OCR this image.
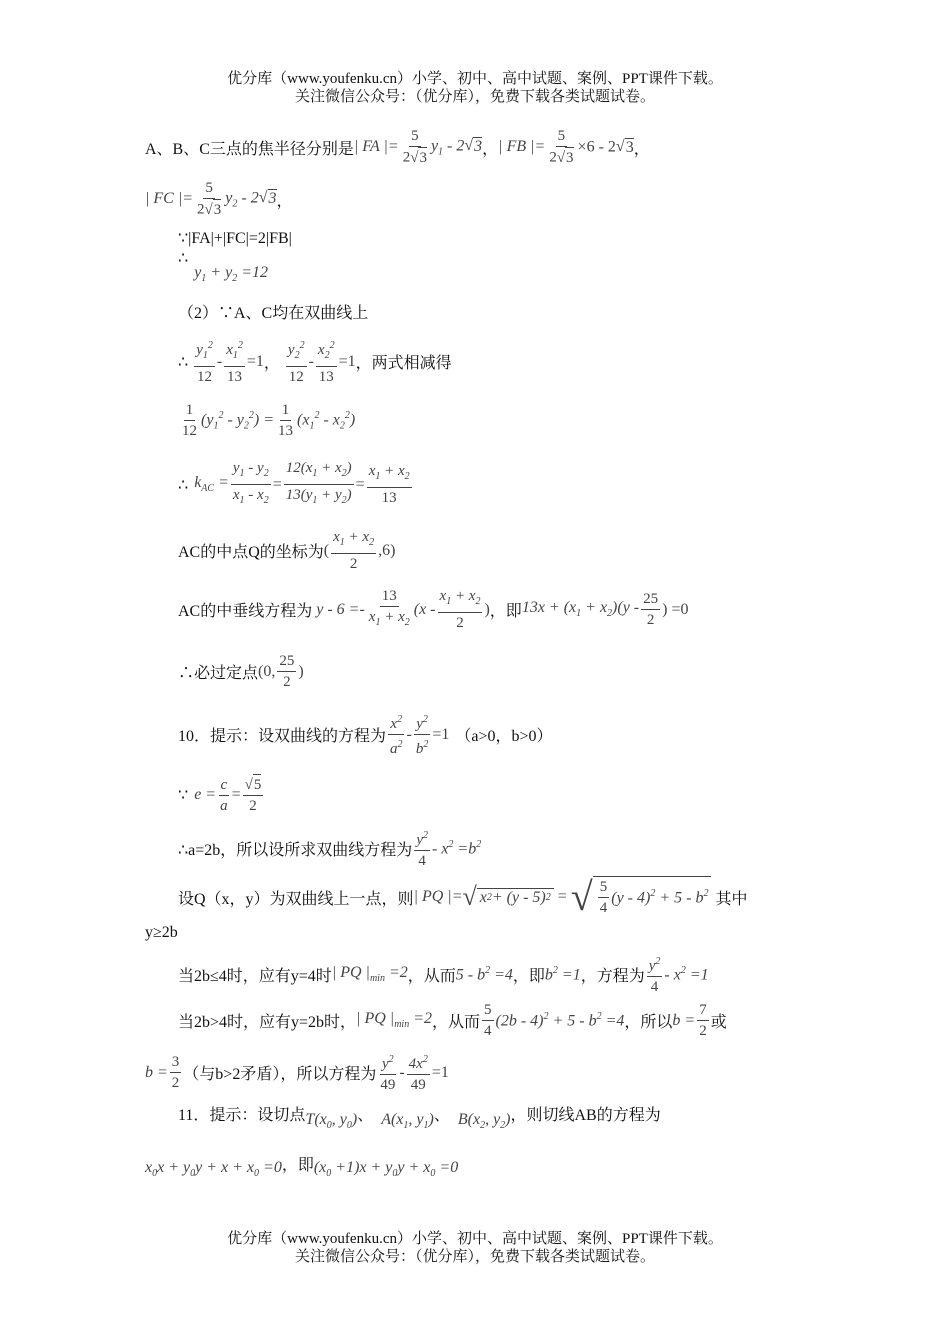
优分库（www.youfenku.cn）小学、初中、高中试题、案例、PPT课件下载。
关注微信公众号：（优分库），免费下载各类试题试卷。
A、B、C三点的焦半径分别是 | FA |= $\frac{5}{2√ 3} y_1 - 2√$ 3 ， | FB |= $\frac{5}{2√ 3} \times 6 - 2√$ 3 ，
| FC |= $\frac{5}{2√ 3} y_2 - 2√$ 3 ，
∵|FA|+|FC|=2|FB|
∴
$y_1 + y_2 =12$
（2）∵A、C均在双曲线上
∴ $\frac{y_1^2}{12} - \frac{x_1^2}{13} =1$ ， $\frac{y_2^2}{12} - \frac{x_2^2}{13} =1$ ，两式相减得
$\frac{1}{12} (y_1^2 - y_2^2) = \frac{1}{13} (x_1^2 - x_2^2)$
∴ $k_{AC} = \frac{y_1 - y_2}{x_1 - x_2} = \frac{12(x_1 + x_2)}{13(y_1 + y_2)} = \frac{x_1 + x_2}{13}$
AC的中点Q的坐标为 ( $\frac{x_1 + x_2}{2} ,6$)
AC的中垂线方程为 $y - 6 =- \frac{13}{x_1 + x_2} (x - \frac{x_1 + x_2}{2}$ ) ，即 $13x + (x_1 + x_2)(y - \frac{25}{2}$ ) =0
∴必过定点 (0, $\frac{25}{2}$ )
10．提示：设双曲线的方程为 $\frac{x^2}{a^2} - \frac{y^2}{b^2} =1$ （a>0，b>0）
∵ $e = \frac{c}{a} = \frac{√ 5}{2}$
∴a=2b，所以设所求双曲线方程为 $\frac{y^2}{4} - x^2 =b^2$
设Q（x，y）为双曲线上一点，则 | PQ |= √ x 2 + (y - 5) 2 = √ $\frac{5}{4} (y - 4)^2 + 5 - b^2$ 其中
y≥2b
当2b≤4时，应有y=4时 | PQ $|_{min} =2$ ，从而 $5 - b^2 =4$ ，即 $b^2 =1$ ，方程为 $\frac{y^2}{4} - x^2 =1$
当2b>4时，应有y=2b时， | PQ $|_{min} =2$ ，从而 $\frac{5}{4} (2b - 4)^2 + 5 - b^2 =4$ ，所以 $b = \frac{7}{2}$ 或
$b = \frac{3}{2}$ （与b>2矛盾），所以方程为 $\frac{y^2}{49} - \frac{4x^2}{49} =1$
11．提示：设切点 $T(x_0$, $y_0$) 、 $A(x_1$, $y_1$) 、 $B(x_2$, $y_2$) ，则切线AB的方程为
$x_0x + y_0y + x + x_0 =0$ ，即 $(x_0 +1)x + y_0y + x_0 =0$
优分库（www.youfenku.cn）小学、初中、高中试题、案例、PPT课件下载。
关注微信公众号：（优分库），免费下载各类试题试卷。
